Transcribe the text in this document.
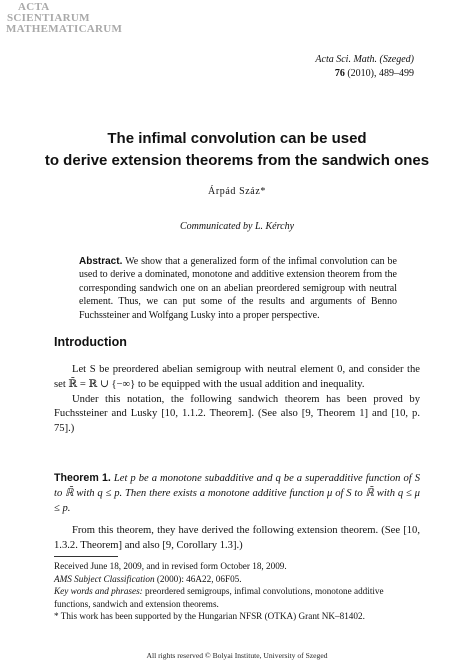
ACTA
SCIENTIARUM
MATHEMATICARUM
Acta Sci. Math. (Szeged)
76 (2010), 489–499
The infimal convolution can be used
to derive extension theorems from the sandwich ones
Árpád Száz*
Communicated by L. Kérchy
Abstract. We show that a generalized form of the infimal convolution can be used to derive a dominated, monotone and additive extension theorem from the corresponding sandwich one on an abelian preordered semigroup with neutral element. Thus, we can put some of the results and arguments of Benno Fuchssteiner and Wolfgang Lusky into a proper perspective.
Introduction

Let S be preordered abelian semigroup with neutral element 0, and consider the set ℝ̄ = ℝ ∪ {−∞} to be equipped with the usual addition and inequality.

Under this notation, the following sandwich theorem has been proved by Fuchssteiner and Lusky [10, 1.1.2. Theorem]. (See also [9, Theorem 1] and [10, p. 75].)

Theorem 1. Let p be a monotone subadditive and q be a superadditive function of S to ℝ̄ with q ≤ p. Then there exists a monotone additive function μ of S to ℝ̄ with q ≤ μ ≤ p.

From this theorem, they have derived the following extension theorem. (See [10, 1.3.2. Theorem] and also [9, Corollary 1.3].)

Received June 18, 2009, and in revised form October 18, 2009.

AMS Subject Classification (2000): 46A22, 06F05.

Key words and phrases: preordered semigroups, infimal convolutions, monotone additive functions, sandwich and extension theorems.

* This work has been supported by the Hungarian NFSR (OTKA) Grant NK–81402.

All rights reserved © Bolyai Institute, University of Szeged
